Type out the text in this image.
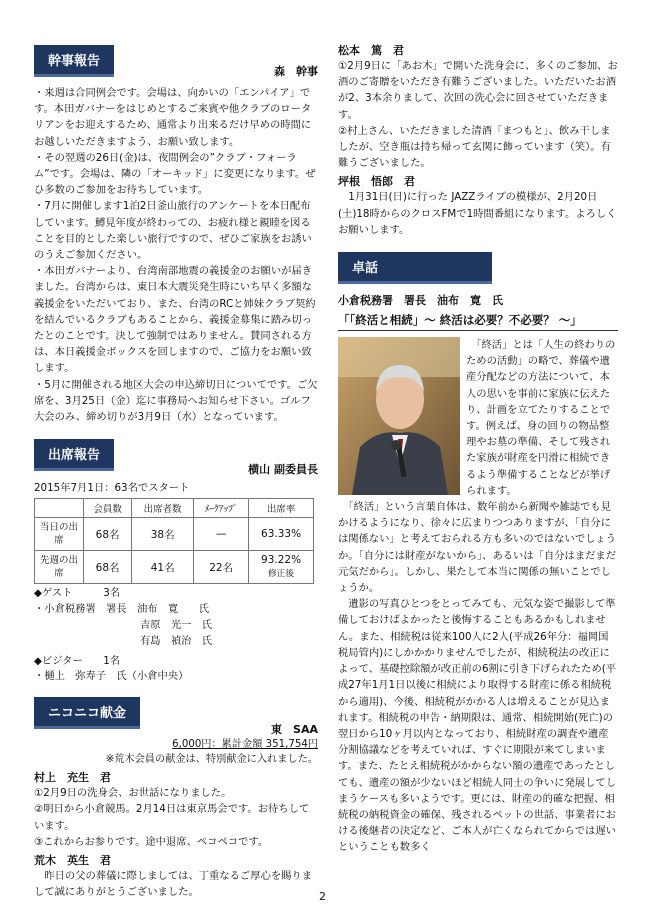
幹事報告
森　幹事

・来週は合同例会です。会場は、向かいの「エンパイア」です。本田ガバナーをはじめとするご来賓や他クラブのロータリアンをお迎えするため、通常より出来るだけ早めの時間にお越しいただきますよう、お願い致します。

・その翌週の26日(金)は、夜間例会の”クラブ・フォーラム”です。会場は、隣の「オーキッド」に変更になります。ぜひ多数のご参加をお待ちしています。

・7月に開催します1泊2日釜山旅行のアンケートを本日配布しています。鱒見年度が終わっての、お疲れ様と親睦を図ることを目的とした楽しい旅行ですので、ぜひご家族をお誘いのうえご参加ください。

・本田ガバナーより、台湾南部地震の義援金のお願いが届きました。台湾からは、東日本大震災発生時にいち早く多額な義援金をいただいており、また、台湾のRCと姉妹クラブ契約を結んでいるクラブもあることから、義援金募集に踏み切ったとのことです。決して強制ではありません。賛同される方は、本日義援金ボックスを回しますので、ご協力をお願い致します。

・5月に開催される地区大会の申込締切日についてです。ご欠席を、3月25日（金）迄に事務局へお知らせ下さい。ゴルフ大会のみ、締め切りが3月9日（水）となっています。

出席報告
横山 副委員長
2015年7月1日：63名でスタート
	会員数	出席者数	ﾒｰｸｱｯﾌﾟ	出席率
当日の出席	68名	38名	—	63.33%
先週の出席	68名	41名	22名	93.22%
修正後

◆ゲスト　　　3名

・小倉税務署　署長　油布　寛　　氏

吉原　光一　氏

有島　禎治　氏

◆ビジター　　1名

・樋上　弥寿子　氏（小倉中央）

ニコニコ献金
東　SAA
6,000円：累計金額 351,754円
※荒木会員の献金は、特別献金に入れました。
村上　充生　君

①2月9日の洗身会、お世話になりました。

②明日から小倉競馬。2月14日は東京馬会です。お待ちしています。

③これからお参りです。途中退席、ペコペコです。

荒木　英生　君

　昨日の父の葬儀に際しましては、丁重なるご厚心を賜りまして誠にありがとうございました。

松本　篤　君

①2月9日に「あお木」で開いた洗身会に、多くのご参加、お酒のご寄贈をいただき有難うございました。いただいたお酒が2、3本余りまして、次回の洗心会に回させていただきます。

②村上さん、いただきました清酒「まつもと」、飲み干しましたが、空き瓶は持ち帰って玄関に飾っています（笑）。有難うございました。

坪根　悟郎　君

　1月31日(日)に行った JAZZライブの模様が、2月20日(土)18時からのクロスFMで1時間番組になります。よろしくお願いします。

卓話
小倉税務署　署長　油布　寛　氏
「「終活と相続」～ 終活は必要？不必要？ ～」

　「終活」とは「人生の終わりのための活動」の略で、葬儀や遺産分配などの方法について、本人の思いを事前に家族に伝えたり、計画を立てたりすることです。例えば、身の回りの物品整理やお墓の準備、そして残された家族が財産を円滑に相続できるよう準備することなどが挙げられます。

　「終活」という言葉自体は、数年前から新聞や雑誌でも見かけるようになり、徐々に広まりつつありますが、「自分には関係ない」と考えておられる方も多いのではないでしょうか。「自分には財産がないから」、あるいは「自分はまだまだ元気だから」。しかし、果たして本当に関係の無いことでしょうか。

　遺影の写真ひとつをとってみても、元気な姿で撮影して準備しておけばよかったと後悔することもあるかもしれません。また、相続税は従来100人に2人(平成26年分：福岡国税局管内)にしかかかりませんでしたが、相続税法の改正によって、基礎控除額が改正前の6割に引き下げられたため(平成27年1月1日以後に相続により取得する財産に係る相続税から適用)、今後、相続税がかかる人は増えることが見込まれます。相続税の申告・納期限は、通常、相続開始(死亡)の翌日から10ヶ月以内となっており、相続財産の調査や遺産分割協議などを考えていれば、すぐに期限が来てしまいます。また、たとえ相続税がかからない額の遺産であったとしても、遺産の額が少ないほど相続人同士の争いに発展してしまうケースも多いようです。更には、財産の的確な把握、相続税の納税資金の確保、残されるペットの世話、事業者における後継者の決定など、ご本人が亡くなられてからでは遅いということも数多く

2
